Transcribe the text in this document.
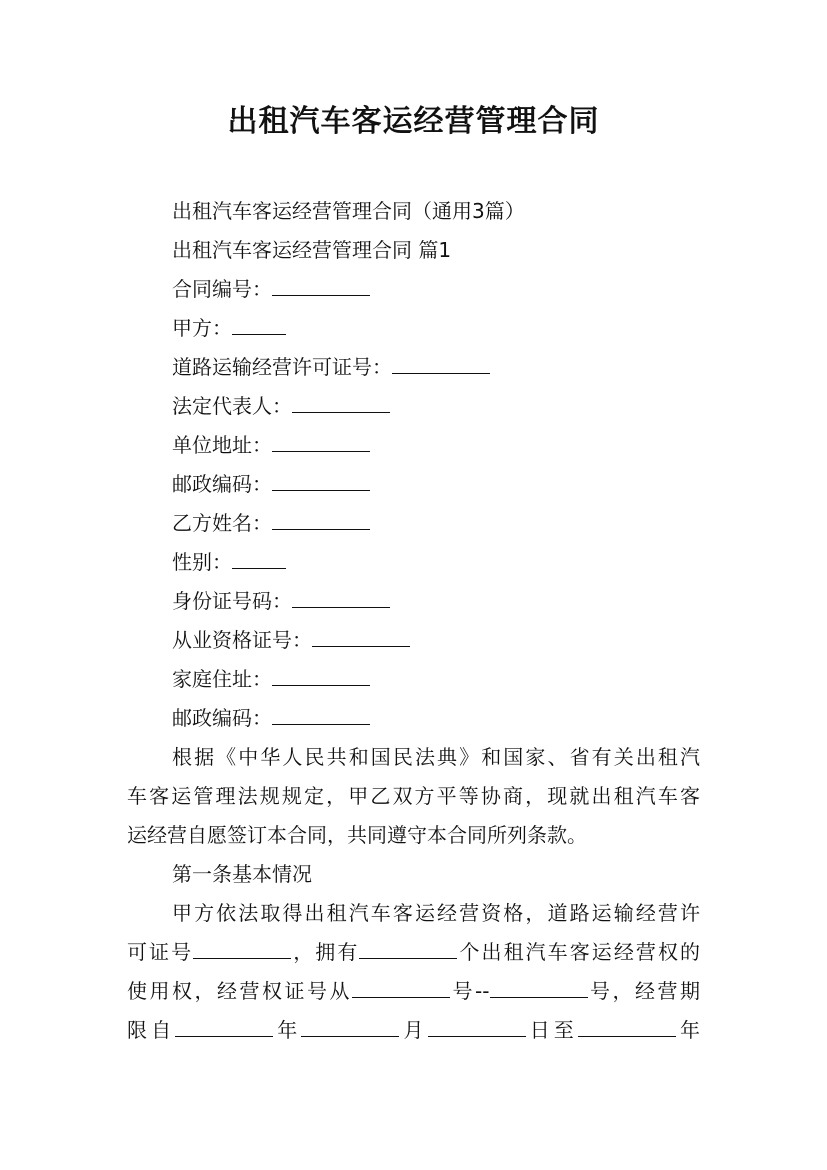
出租汽车客运经营管理合同
出租汽车客运经营管理合同（通用3篇）
出租汽车客运经营管理合同 篇1
合同编号：
甲方：
道路运输经营许可证号：
法定代表人：
单位地址：
邮政编码：
乙方姓名：
性别：
身份证号码：
从业资格证号：
家庭住址：
邮政编码：
根据《中华人民共和国民法典》和国家、省有关出租汽
车客运管理法规规定，甲乙双方平等协商，现就出租汽车客
运经营自愿签订本合同，共同遵守本合同所列条款。
第一条基本情况
甲方依法取得出租汽车客运经营资格，道路运输经营许
可证号	，拥有	个出租汽车客运经营权的
使用权，经营权证号从	号--	号，经营期
限自	年	月	日至	年
